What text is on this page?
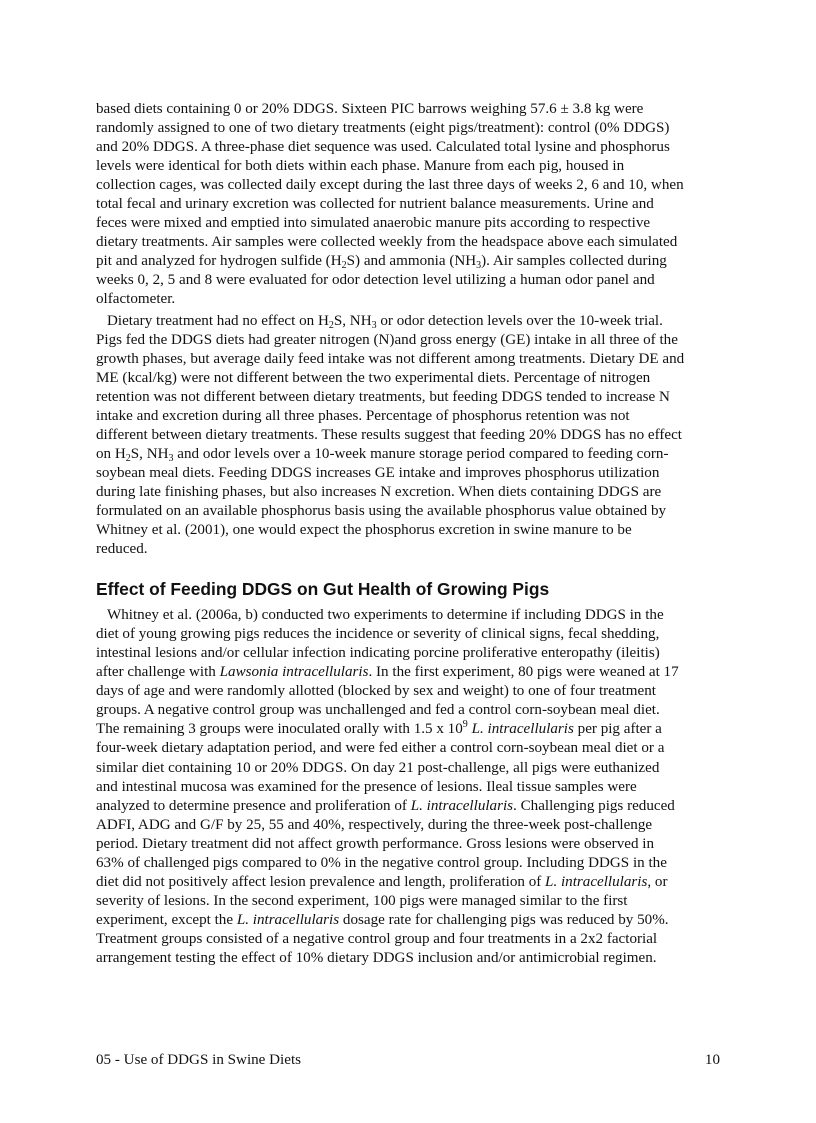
based diets containing 0 or 20% DDGS. Sixteen PIC barrows weighing 57.6 ± 3.8 kg were
randomly assigned to one of two dietary treatments (eight pigs/treatment): control (0% DDGS)
and 20% DDGS. A three-phase diet sequence was used. Calculated total lysine and phosphorus
levels were identical for both diets within each phase. Manure from each pig, housed in
collection cages, was collected daily except during the last three days of weeks 2, 6 and 10, when
total fecal and urinary excretion was collected for nutrient balance measurements. Urine and
feces were mixed and emptied into simulated anaerobic manure pits according to respective
dietary treatments. Air samples were collected weekly from the headspace above each simulated
pit and analyzed for hydrogen sulfide $(H_2S)$ and ammonia $(NH_3)$. Air samples collected during
weeks 0, 2, 5 and 8 were evaluated for odor detection level utilizing a human odor panel and
olfactometer.

Dietary treatment had no effect on $H_2S$, $NH_3$ or odor detection levels over the 10-week trial.
Pigs fed the DDGS diets had greater nitrogen (N)and gross energy (GE) intake in all three of the
growth phases, but average daily feed intake was not different among treatments. Dietary DE and
ME (kcal/kg) were not different between the two experimental diets. Percentage of nitrogen
retention was not different between dietary treatments, but feeding DDGS tended to increase N
intake and excretion during all three phases. Percentage of phosphorus retention was not
different between dietary treatments. These results suggest that feeding 20% DDGS has no effect
on $H_2S$, $NH_3$ and odor levels over a 10-week manure storage period compared to feeding corn-
soybean meal diets. Feeding DDGS increases GE intake and improves phosphorus utilization
during late finishing phases, but also increases N excretion. When diets containing DDGS are
formulated on an available phosphorus basis using the available phosphorus value obtained by
Whitney et al. (2001), one would expect the phosphorus excretion in swine manure to be
reduced.

Effect of Feeding DDGS on Gut Health of Growing Pigs

Whitney et al. (2006a, b) conducted two experiments to determine if including DDGS in the
diet of young growing pigs reduces the incidence or severity of clinical signs, fecal shedding,
intestinal lesions and/or cellular infection indicating porcine proliferative enteropathy (ileitis)
after challenge with Lawsonia intracellularis. In the first experiment, 80 pigs were weaned at 17
days of age and were randomly allotted (blocked by sex and weight) to one of four treatment
groups. A negative control group was unchallenged and fed a control corn-soybean meal diet.
The remaining 3 groups were inoculated orally with 1.5 x $10^9$ L. intracellularis per pig after a
four-week dietary adaptation period, and were fed either a control corn-soybean meal diet or a
similar diet containing 10 or 20% DDGS. On day 21 post-challenge, all pigs were euthanized
and intestinal mucosa was examined for the presence of lesions. Ileal tissue samples were
analyzed to determine presence and proliferation of L. intracellularis. Challenging pigs reduced
ADFI, ADG and G/F by 25, 55 and 40%, respectively, during the three-week post-challenge
period. Dietary treatment did not affect growth performance. Gross lesions were observed in
63% of challenged pigs compared to 0% in the negative control group. Including DDGS in the
diet did not positively affect lesion prevalence and length, proliferation of L. intracellularis, or
severity of lesions. In the second experiment, 100 pigs were managed similar to the first
experiment, except the L. intracellularis dosage rate for challenging pigs was reduced by 50%.
Treatment groups consisted of a negative control group and four treatments in a 2x2 factorial
arrangement testing the effect of 10% dietary DDGS inclusion and/or antimicrobial regimen.

05 - Use of DDGS in Swine Diets	10
